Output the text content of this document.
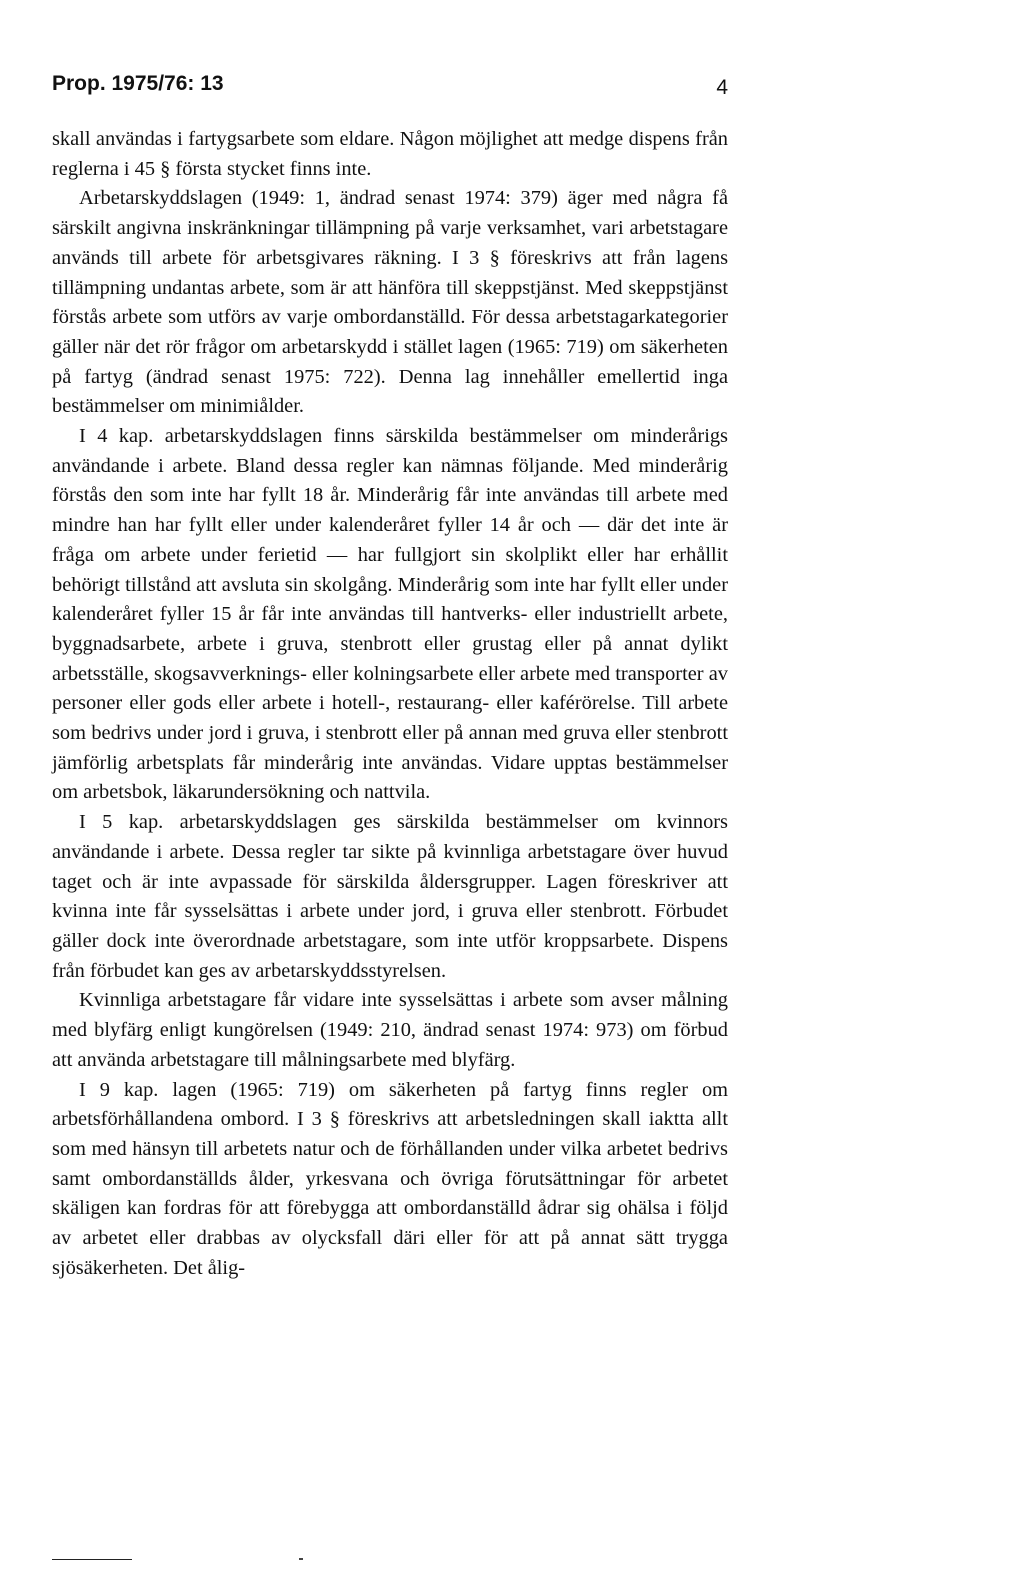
Prop. 1975/76: 13	4

skall användas i fartygsarbete som eldare. Någon möjlighet att medge dispens från reglerna i 45 § första stycket finns inte.

Arbetarskyddslagen (1949: 1, ändrad senast 1974: 379) äger med några få särskilt angivna inskränkningar tillämpning på varje verksamhet, vari arbetstagare används till arbete för arbetsgivares räkning. I 3 § föreskrivs att från lagens tillämpning undantas arbete, som är att hänföra till skeppstjänst. Med skeppstjänst förstås arbete som utförs av varje ombordanställd. För dessa arbetstagarkategorier gäller när det rör frågor om arbetarskydd i stället lagen (1965: 719) om säkerheten på fartyg (ändrad senast 1975: 722). Denna lag innehåller emellertid inga bestämmelser om minimiålder.

I 4 kap. arbetarskyddslagen finns särskilda bestämmelser om minderårigs användande i arbete. Bland dessa regler kan nämnas följande. Med minderårig förstås den som inte har fyllt 18 år. Minderårig får inte användas till arbete med mindre han har fyllt eller under kalenderåret fyller 14 år och — där det inte är fråga om arbete under ferietid — har fullgjort sin skolplikt eller har erhållit behörigt tillstånd att avsluta sin skolgång. Minderårig som inte har fyllt eller under kalenderåret fyller 15 år får inte användas till hantverks- eller industriellt arbete, byggnadsarbete, arbete i gruva, stenbrott eller grustag eller på annat dylikt arbetsställe, skogsavverknings- eller kolningsarbete eller arbete med transporter av personer eller gods eller arbete i hotell-, restaurang- eller kaférörelse. Till arbete som bedrivs under jord i gruva, i stenbrott eller på annan med gruva eller stenbrott jämförlig arbetsplats får minderårig inte användas. Vidare upptas bestämmelser om arbetsbok, läkarundersökning och nattvila.

I 5 kap. arbetarskyddslagen ges särskilda bestämmelser om kvinnors användande i arbete. Dessa regler tar sikte på kvinnliga arbetstagare över huvud taget och är inte avpassade för särskilda åldersgrupper. Lagen föreskriver att kvinna inte får sysselsättas i arbete under jord, i gruva eller stenbrott. Förbudet gäller dock inte överordnade arbetstagare, som inte utför kroppsarbete. Dispens från förbudet kan ges av arbetarskyddsstyrelsen.

Kvinnliga arbetstagare får vidare inte sysselsättas i arbete som avser målning med blyfärg enligt kungörelsen (1949: 210, ändrad senast 1974: 973) om förbud att använda arbetstagare till målningsarbete med blyfärg.

I 9 kap. lagen (1965: 719) om säkerheten på fartyg finns regler om arbetsförhållandena ombord. I 3 § föreskrivs att arbetsledningen skall iaktta allt som med hänsyn till arbetets natur och de förhållanden under vilka arbetet bedrivs samt ombordanställds ålder, yrkesvana och övriga förutsättningar för arbetet skäligen kan fordras för att förebygga att ombordanställd ådrar sig ohälsa i följd av arbetet eller drabbas av olycksfall däri eller för att på annat sätt trygga sjösäkerheten. Det ålig-
